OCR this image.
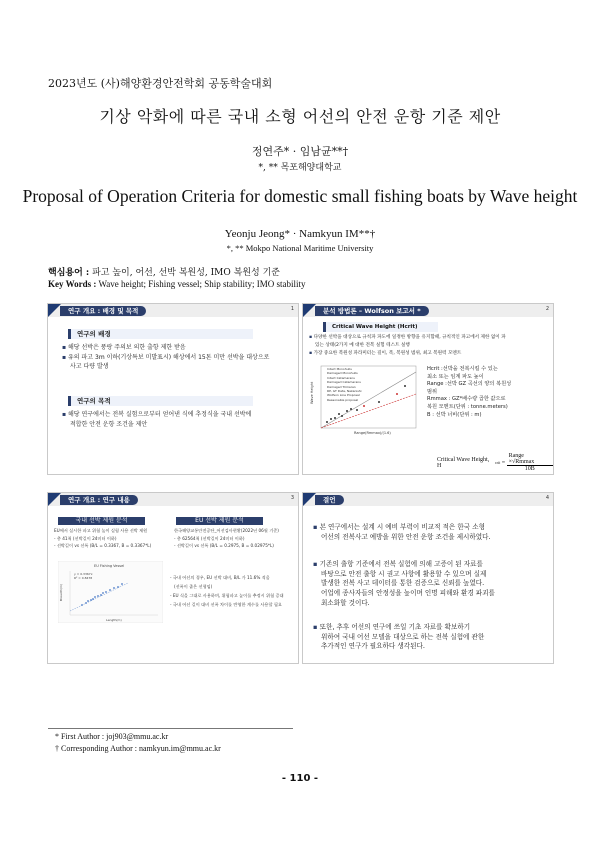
2023년도 (사)해양환경안전학회 공동학술대회
기상 악화에 따른 국내 소형 어선의 안전 운항 기준 제안
정연주* · 임남균**†
*, ** 목포해양대학교
Proposal of Operation Criteria for domestic small fishing boats by Wave height
Yeonju Jeong* · Namkyun IM**†
*, ** Mokpo National Maritime University
핵심용어 : 파고 높이, 어선, 선박 복원성, IMO 복원성 기준
Key Words : Wave height; Fishing vessel; Ship stability; IMO stability
연구 개요 : 배경 및 목적	1
연구의 배경
▪ 해당 선박은 풍랑 주의보 의한 출항 제한 받음
▪ 유의 파고 3m 이하(기상특보 미발표시) 해상에서 15톤 미만 선박을 대상으로
사고 다량 발생
연구의 목적
▪ 해당 연구에서는 전복 실험으로부터 얻어낸 식에 추정식을 국내 선박에
적합한 안전 운항 조건을 제안
분석 방법론 – Wolfson 보고서 *	2
Critical Wave Height (Hcrit)
▪ 다양한 선박을 대상으로 규칙파 파도에 일정한 방향을 유지함때, 규칙적인 파고에서 제한 없이 파
있는 상태(2가지 예 대한 전복 실험 테스트 실행
▪ 가장 중요한 복원성 파라미터는 길이, 폭, 복원성 범위, 최고 복원력 모멘트
Wave Height
Range(Rmmax)/(1.6)
Intact Monohulls
Damaged Monohulls
Intact Catamarans
Damaged Catamarans
Damaged Trimaran
RP, GT Data, Nakanishi
Wolfson Line Proposal
Reasonable proposal
Hcrit :선박을 전복시킬 수 있는
최소 또는 임계 파도 높이
Range :선박 GZ 곡선의 양의 복원성
범위
Rmmax : GZ*배수량 곱한 값으로
복원 모멘트(단위 : tonne.meters)
B : 선박 너비(단위 : m)
Critical Wave Height, H	crit =
Range ×√Rmmax
10B
연구 개요 : 연구 내용	3
국내 선박 제원 분석	EU 선박 제원 분석
EU에서 실시한 파고 위험 높이 실험 사용 선박 제원
- 총 41척 (선박길이 24미터 이하)
- 선박길이 vs 선폭 (B/L = 0.3367, B = 0.3367*L)
한국해양교통안전공단_어선검사현황(2022년 06월 기준)
- 총 62564척 (선박길이 24미터 이하)
- 선박길이 vs 선폭 (B/L = 0.2975, B = 0.02975*L)
EU Fishing Vessel
y = 0.3367x
R² = 0.8478
Length(m)
Breadth(m)
- 국내 어선의 경우, EU 선박 대비, B/L 가 11.6% 적음
(선폭이 좁은 선형임)
- EU 식을 그대로 사용하며, 위험파고 높이를 추정시 위험 증대
- 국내 어선 길이 대비 선폭 차이를 반영한 계수를 사용할 필요
결언	4
▪ 본 연구에서는 설계 시 예비 부력이 비교적 적은 한국 소형
어선의 전복사고 예방을 위한 안전 운항 조건을 제시하였다.
▪ 기존의 출항 기준에서 전복 실험에 의해 고증이 된 자료를
바탕으로 안전 출항 시 권고 사항에 활용할 수 있으며 실제
발생한 전복 사고 데이터를 통한 검증으로 신뢰를 높였다.
어업에 종사자들의 안정성을 높이며 인명 피해와 환경 파괴를
최소화할 것이다.
▪ 또한, 추후 어선의 연구에 쓰일 기초 자료를 확보하기
위하여 국내 어선 모델을 대상으로 하는 전복 실험에 관한
추가적인 연구가 필요하다 생각된다.
* First Author : joj903@mmu.ac.kr
† Corresponding Author : namkyun.im@mmu.ac.kr
- 110 -
